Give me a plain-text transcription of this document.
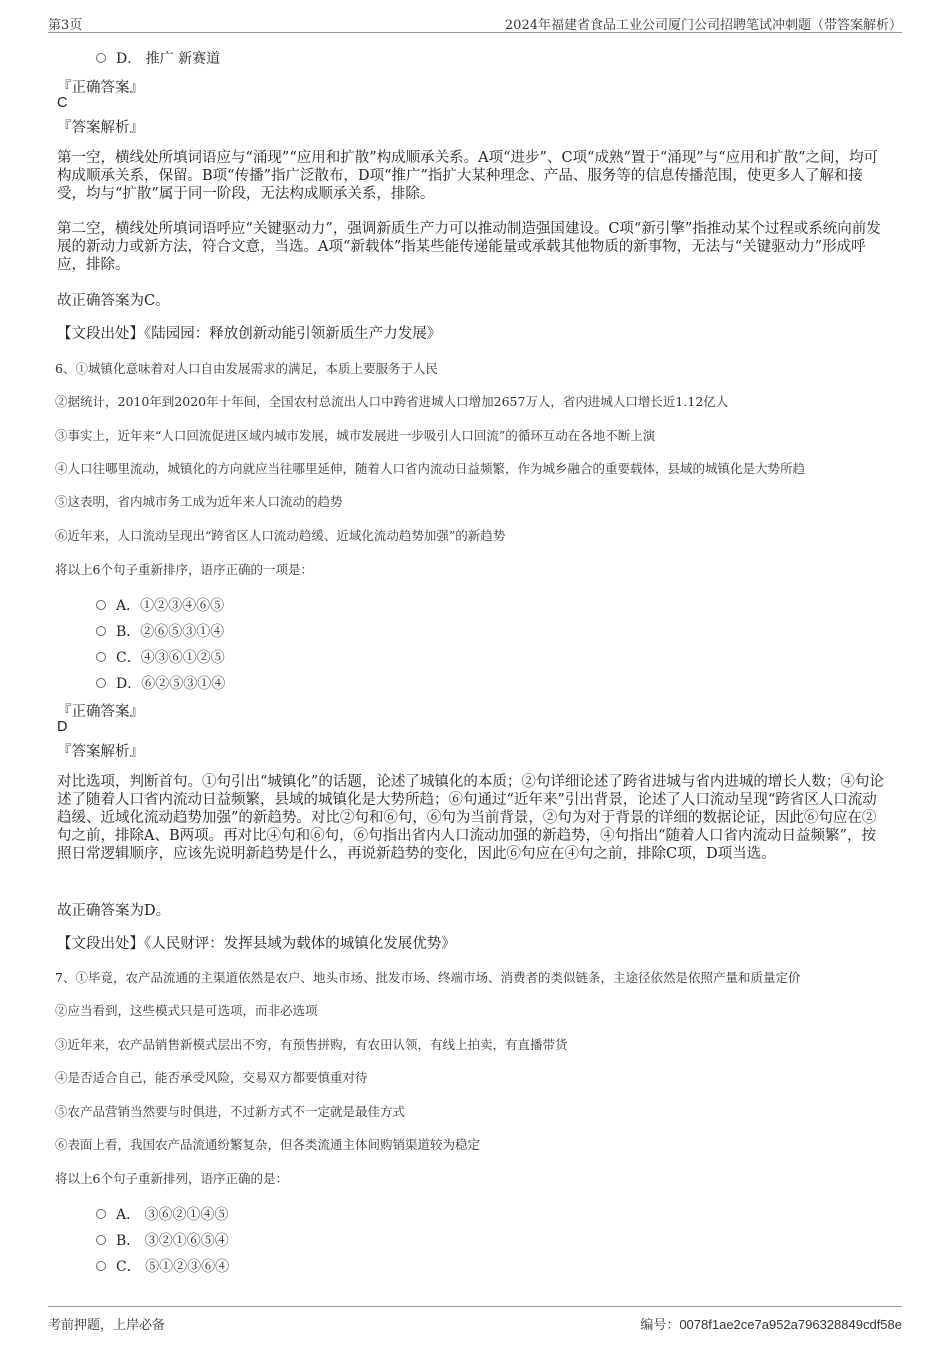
第3页	2024年福建省食品工业公司厦门公司招聘笔试冲刺题（带答案解析）
D． 推广 新赛道
『正确答案』
C
『答案解析』
第一空，横线处所填词语应与“涌现”“应用和扩散”构成顺承关系。A项“进步”、C项“成熟”置于“涌现”与“应用和扩散”之间，均可构成顺承关系，保留。B项“传播”指广泛散布，D项“推广”指扩大某种理念、产品、服务等的信息传播范围，使更多人了解和接受，均与“扩散”属于同一阶段，无法构成顺承关系，排除。
第二空，横线处所填词语呼应“关键驱动力”，强调新质生产力可以推动制造强国建设。C项“新引擎”指推动某个过程或系统向前发展的新动力或新方法，符合文意，当选。A项“新载体”指某些能传递能量或承载其他物质的新事物，无法与“关键驱动力”形成呼应，排除。
故正确答案为C。
【文段出处】《陆园园：释放创新动能引领新质生产力发展》
6、①城镇化意味着对人口自由发展需求的满足，本质上要服务于人民
②据统计，2010年到2020年十年间，全国农村总流出人口中跨省进城人口增加2657万人，省内进城人口增长近1.12亿人
③事实上，近年来“人口回流促进区域内城市发展，城市发展进一步吸引人口回流”的循环互动在各地不断上演
④人口往哪里流动，城镇化的方向就应当往哪里延伸，随着人口省内流动日益频繁，作为城乡融合的重要载体，县域的城镇化是大势所趋
⑤这表明，省内城市务工成为近年来人口流动的趋势
⑥近年来，人口流动呈现出“跨省区人口流动趋缓、近域化流动趋势加强”的新趋势
将以上6个句子重新排序，语序正确的一项是：
A．①②③④⑥⑤
B．②⑥⑤③①④
C．④③⑥①②⑤
D．⑥②⑤③①④
『正确答案』
D
『答案解析』
对比选项，判断首句。①句引出“城镇化”的话题，论述了城镇化的本质；②句详细论述了跨省进城与省内进城的增长人数；④句论述了随着人口省内流动日益频繁，县域的城镇化是大势所趋；⑥句通过“近年来”引出背景，论述了人口流动呈现“跨省区人口流动趋缓、近域化流动趋势加强”的新趋势。对比②句和⑥句，⑥句为当前背景，②句为对于背景的详细的数据论证，因此⑥句应在②句之前，排除A、B两项。再对比④句和⑥句，⑥句指出省内人口流动加强的新趋势，④句指出“随着人口省内流动日益频繁”，按照日常逻辑顺序，应该先说明新趋势是什么，再说新趋势的变化，因此⑥句应在④句之前，排除C项，D项当选。
故正确答案为D。
【文段出处】《人民财评：发挥县域为载体的城镇化发展优势》
7、①毕竟，农产品流通的主渠道依然是农户、地头市场、批发市场、终端市场、消费者的类似链条，主途径依然是依照产量和质量定价
②应当看到，这些模式只是可选项，而非必选项
③近年来，农产品销售新模式层出不穷，有预售拼购，有农田认领，有线上拍卖，有直播带货
④是否适合自己，能否承受风险，交易双方都要慎重对待
⑤农产品营销当然要与时俱进，不过新方式不一定就是最佳方式
⑥表面上看，我国农产品流通纷繁复杂，但各类流通主体间购销渠道较为稳定
将以上6个句子重新排列，语序正确的是：
A． ③⑥②①④⑤
B． ③②①⑥⑤④
C． ⑤①②③⑥④
考前押题，上岸必备	编号：0078f1ae2ce7a952a796328849cdf58e
